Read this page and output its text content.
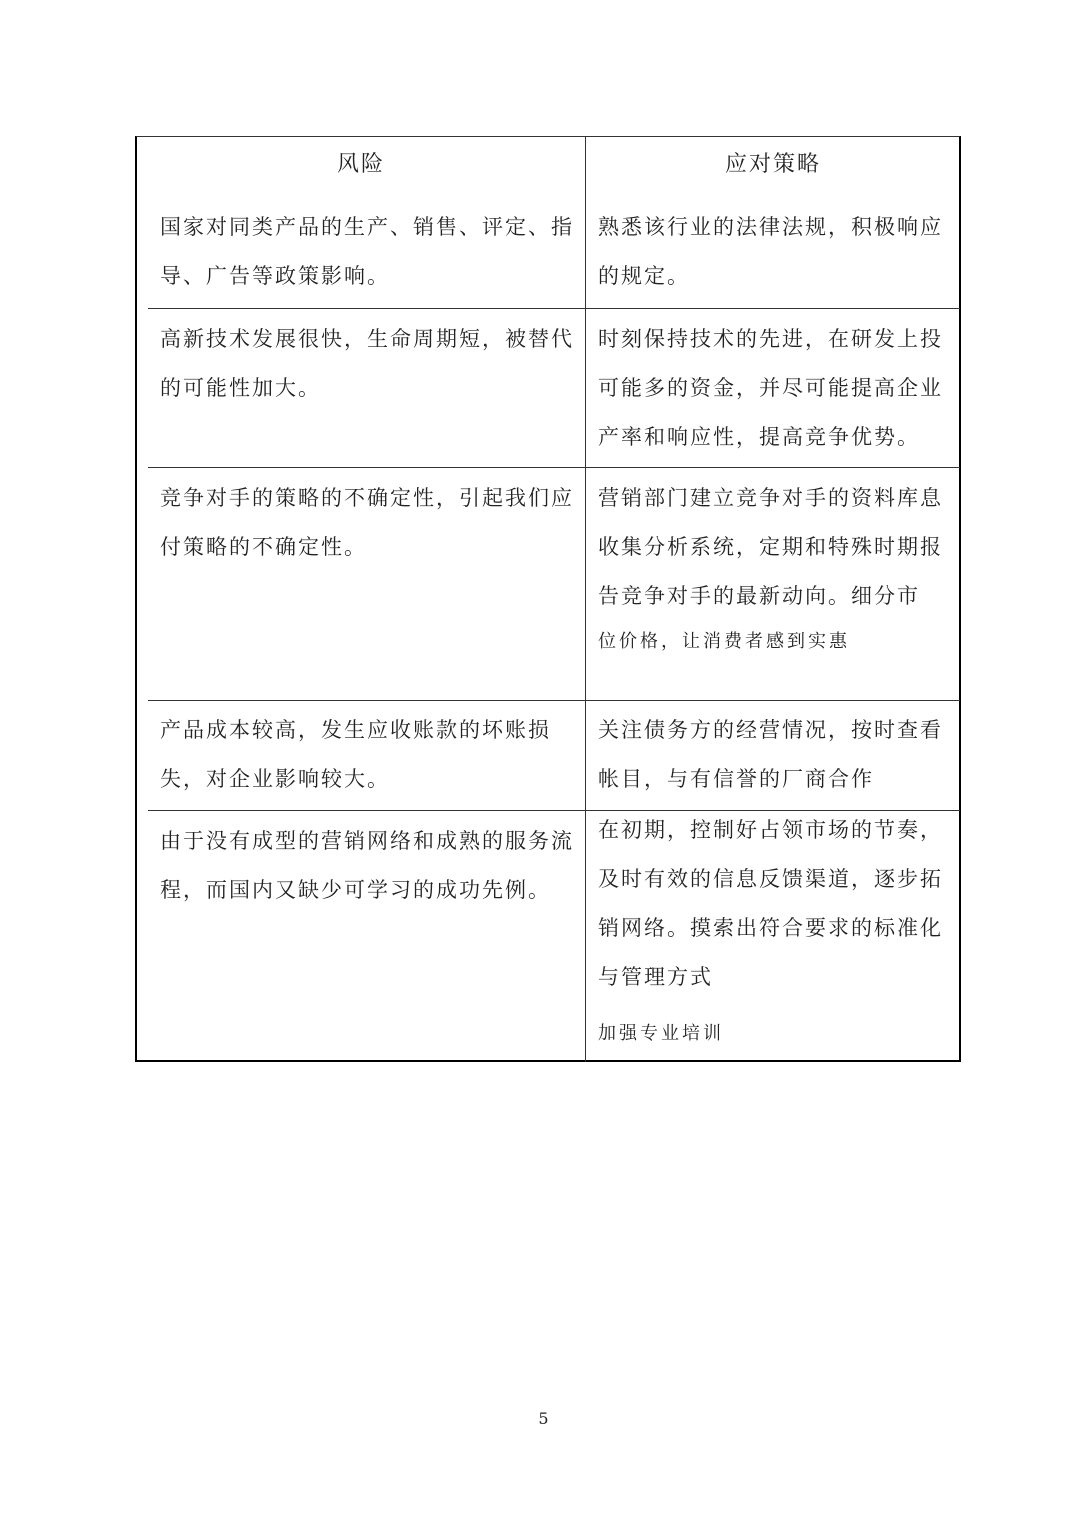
风险	应对策略
国家对同类产品的生产、销售、评定、指导、广告等政策影响。
熟悉该行业的法律法规，积极响应的规定。
高新技术发展很快，生命周期短，被替代的可能性加大。
时刻保持技术的先进，在研发上投可能多的资金，并尽可能提高企业产率和响应性，提高竞争优势。
竞争对手的策略的不确定性，引起我们应付策略的不确定性。
营销部门建立竞争对手的资料库息收集分析系统，定期和特殊时期报告竞争对手的最新动向。细分市
位价格，让消费者感到实惠
产品成本较高，发生应收账款的坏账损失，对企业影响较大。
关注债务方的经营情况，按时查看帐目，与有信誉的厂商合作
由于没有成型的营销网络和成熟的服务流程，而国内又缺少可学习的成功先例。
在初期，控制好占领市场的节奏，及时有效的信息反馈渠道，逐步拓销网络。摸索出符合要求的标准化与管理方式
加强专业培训
5
